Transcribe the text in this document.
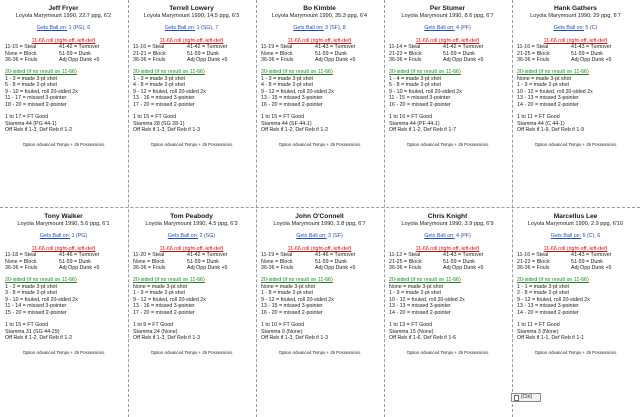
Jeff Fryer
Loyola Marymount 1990, 22.7 ppg, 6'2
Gets Ball on: 1 (PG), 6
11-66 roll (right-off, left-def)
11-15 = Steal	41-42 = Turnover
None = Block	51-59 = Dunk
36-36 = Fouls	Adj Opp Dunk +5
20-sided (if no result on 11-66)
1 - 3 = made 3-pt shot
5 - 8 = made 2-pt shot
9 - 10 = fouled, roll 20-sided 2x
11 - 17 = missed 3-pointer
18 - 20 = missed 2-pointer
1 to 17 = FT Good
Stamina 44 (PG 44-1)
Off Reb if 1-3, Def Reb if 1-2
Option Advanced Tempo + 26 Possessions
Terrell Lowery
Loyola Marymount 1990, 14.5 ppg, 6'3
Gets Ball on: 1 (SG), 7
11-66 roll (right-off, left-def)
11-16 = Steal	41-42 = Turnover
21-21 = Block	51-59 = Dunk
36-36 = Fouls	Adj Opp Dunk +5
20-sided (if no result on 11-66)
1 - 3 = made 3-pt shot
4 - 8 = made 2-pt shot
9 - 12 = fouled, roll 20-sided 2x
13 - 16 = missed 3-pointer
17 - 20 = missed 2-pointer
1 to 15 = FT Good
Stamina 28 (SG 28-1)
Off Reb if 1-3, Def Reb if 1-3
Option Advanced Tempo + 26 Possessions
Bo Kimble
Loyola Marymount 1990, 35.3 ppg, 6'4
Gets Ball on: 3 (SF), 8
11-66 roll (right-off, left-def)
11-19 = Steal	41-43 = Turnover
None = Block	51-59 = Dunk
36-36 = Fouls	Adj Opp Dunk +5
20-sided (if no result on 11-66)
1 - 3 = made 3-pt shot
4 - 8 = made 2-pt shot
9 - 12 = fouled, roll 20-sided 2x
13 - 15 = missed 3-pointer
16 - 20 = missed 2-pointer
1 to 15 = FT Good
Stamina 44 (SF 44-1)
Off Reb if 1-2, Def Reb if 1-2
Option Advanced Tempo + 26 Possessions
Per Stumer
Loyola Marymount 1990, 8.6 ppg, 6'7
Gets Ball on: 4 (PF)
11-66 roll (right-off, left-def)
11-14 = Steal	41-42 = Turnover
21-22 = Block	51-59 = Dunk
36-36 = Fouls	Adj Opp Dunk +5
20-sided (if no result on 11-66)
1 - 4 = made 3-pt shot
5 - 8 = made 2-pt shot
9 - 10 = fouled, roll 20-sided 2x
11 - 15 = missed 3-pointer
16 - 20 = missed 2-pointer
1 to 16 = FT Good
Stamina 44 (PF 44-1)
Off Reb if 1-2, Def Reb if 1-7
Option Advanced Tempo + 26 Possessions
Hank Gathers
Loyola Marymount 1990, 29 ppg, 6'7
Gets Ball on: 5 (C)
11-66 roll (right-off, left-def)
11-16 = Steal	41-43 = Turnover
21-25 = Block	51-59 = Dunk
36-36 = Fouls	Adj Opp Dunk +5
20-sided (if no result on 11-66)
None = made 3-pt shot
1 - 9 = made 2-pt shot
10 - 12 = fouled, roll 20-sided 2x
13 - 13 = missed 3-pointer
14 - 20 = missed 2-pointer
1 to 11 = FT Good
Stamina 44 (C 44-1)
Off Reb if 1-9, Def Reb if 1-9
Option Advanced Tempo + 26 Possessions
Tony Walker
Loyola Marymount 1990, 5.6 ppg, 6'1
Gets Ball on: 1 (PG)
11-66 roll (right-off, left-def)
11-18 = Steal	41-46 = Turnover
None = Block	51-59 = Dunk
36-36 = Fouls	Adj Opp Dunk +5
20-sided (if no result on 11-66)
1 - 2 = made 3-pt shot
3 - 8 = made 2-pt shot
9 - 10 = fouled, roll 20-sided 2x
11 - 14 = missed 3-pointer
15 - 20 = missed 2-pointer
1 to 15 = FT Good
Stamina 31 (SG 44-29)
Off Reb if 1-2, Def Reb if 1-2
Option Advanced Tempo + 26 Possessions
Tom Peabody
Loyola Marymount 1990, 4.5 ppg, 6'3
Gets Ball on: 2 (SG)
11-66 roll (right-off, left-def)
11-20 = Steal	41-42 = Turnover
None = Block	51-59 = Dunk
36-36 = Fouls	Adj Opp Dunk +5
20-sided (if no result on 11-66)
None = made 3-pt shot
1 - 9 = made 2-pt shot
9 - 12 = fouled, roll 20-sided 2x
13 - 16 = missed 3-pointer
17 - 20 = missed 2-pointer
1 to 9 = FT Good
Stamina 24 (None)
Off Reb if 1-3, Def Reb if 1-3
Option Advanced Tempo + 26 Possessions
John O'Connell
Loyola Marymount 1990, 2.8 ppg, 6'7
Gets Ball on: 3 (SF)
11-66 roll (right-off, left-def)
11-19 = Steal	41-46 = Turnover
None = Block	51-59 = Dunk
36-36 = Fouls	Adj Opp Dunk +5
20-sided (if no result on 11-66)
None = made 3-pt shot
1 - 8 = made 2-pt shot
9 - 12 = fouled, roll 20-sided 2x
13 - 15 = missed 3-pointer
16 - 20 = missed 2-pointer
1 to 10 = FT Good
Stamina 9 (None)
Off Reb if 1-3, Def Reb if 1-3
Option Advanced Tempo + 26 Possessions
Chris Knight
Loyola Marymount 1990, 3.9 ppg, 6'9
Gets Ball on: 4 (PF)
11-66 roll (right-off, left-def)
11-12 = Steal	41-43 = Turnover
21-25 = Block	51-59 = Dunk
36-36 = Fouls	Adj Opp Dunk +5
20-sided (if no result on 11-66)
None = made 3-pt shot
1 - 9 = made 2-pt shot
10 - 12 = fouled, roll 20-sided 2x
13 - 13 = missed 3-pointer
14 - 20 = missed 2-pointer
1 to 13 = FT Good
Stamina 15 (None)
Off Reb if 1-6, Def Reb if 1-6
Option Advanced Tempo + 26 Possessions
Marcellus Lee
Loyola Marymount 1990, 2.9 ppg, 6'10
Gets Ball on: 5 (C), 6
11-66 roll (right-off, left-def)
11-16 = Steal	41-43 = Turnover
21-22 = Block	51-59 = Dunk
36-36 = Fouls	Adj Opp Dunk +5
20-sided (if no result on 11-66)
1 - 1 = made 3-pt shot
2 - 8 = made 2-pt shot
9 - 12 = fouled, roll 20-sided 2x
13 - 13 = missed 3-pointer
14 - 20 = missed 2-pointer
1 to 11 = FT Good
Stamina 3 (None)
Off Reb if 1-1, Def Reb if 1-1
Option Advanced Tempo + 26 Possessions
(Ctrl)
